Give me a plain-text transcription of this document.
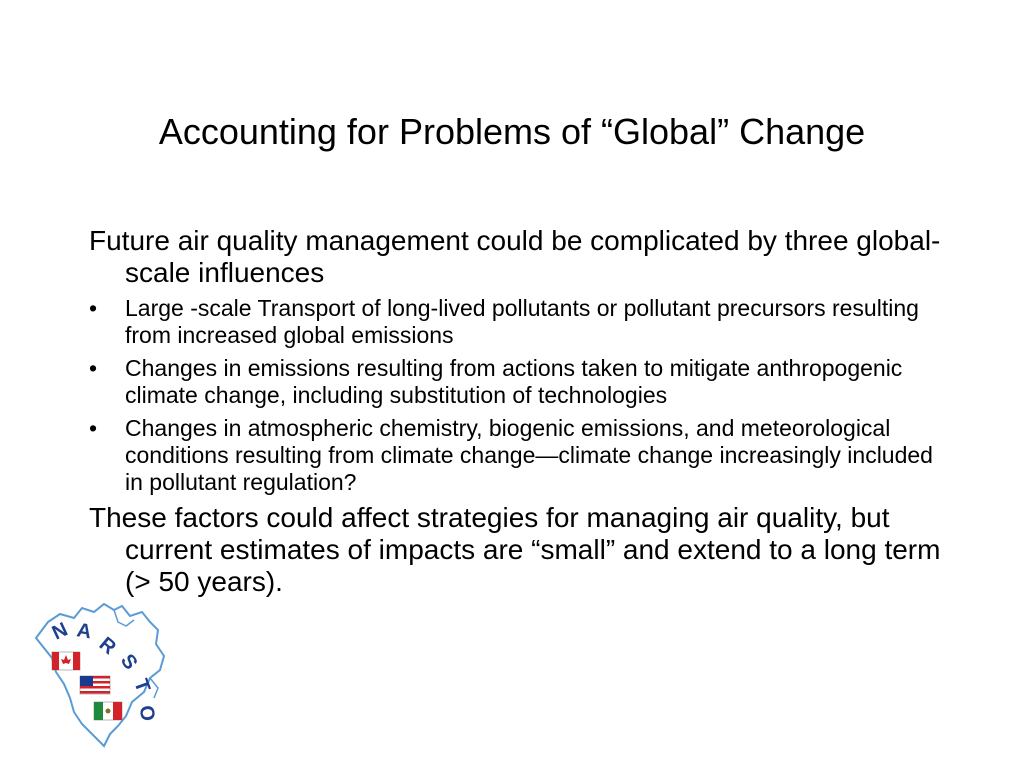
Accounting for Problems of “Global” Change

Future air quality management could be complicated by three global-scale influences

• Large -scale Transport of long-lived pollutants or pollutant precursors resulting from increased global emissions
• Changes in emissions resulting from actions taken to mitigate anthropogenic climate change, including substitution of technologies
• Changes in atmospheric chemistry, biogenic emissions, and meteorological conditions resulting from climate change—climate change increasingly included in pollutant regulation?

These factors could affect strategies for managing air quality, but current estimates of impacts are “small” and extend to a long term (> 50 years).

N A
R
S
T
O
